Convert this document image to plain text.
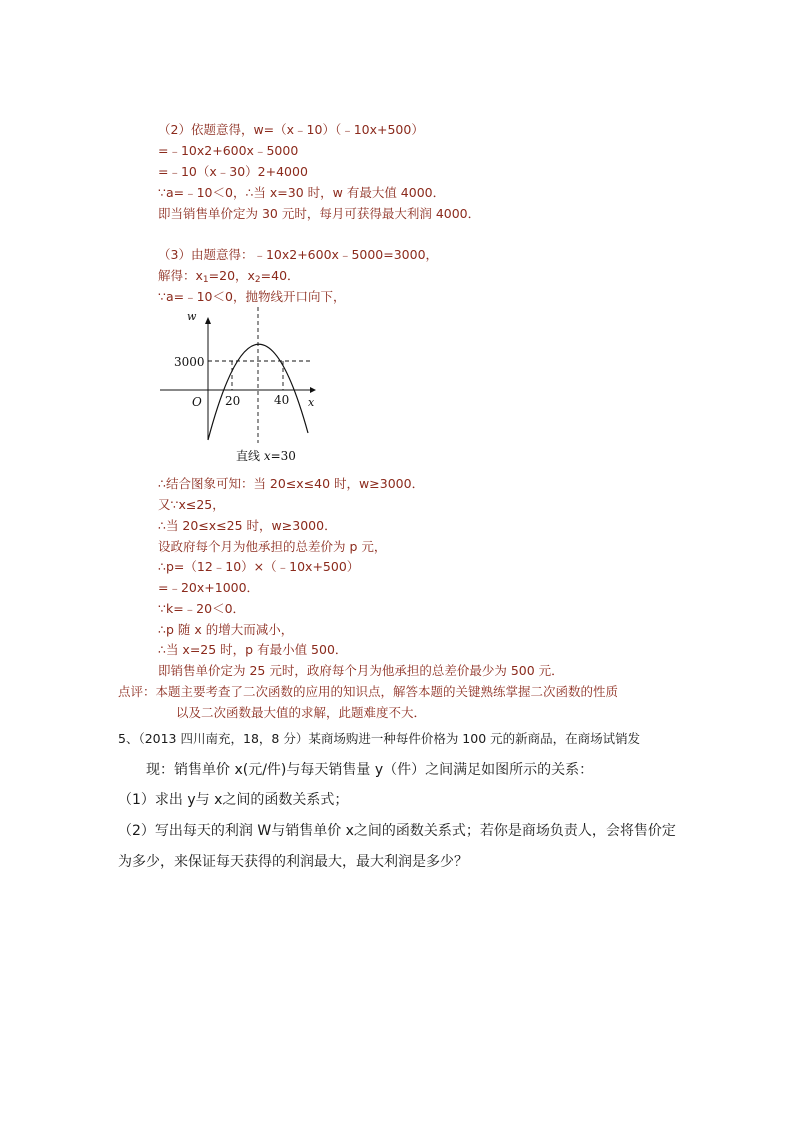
（2）依题意得，w=（x﹣10）（﹣10x+500）
=﹣10x2+600x﹣5000
=﹣10（x﹣30）2+4000
∵a=﹣10＜0，∴当 x=30 时，w 有最大值 4000．
即当销售单价定为 30 元时，每月可获得最大利润 4000．
（3）由题意得：﹣10x2+600x﹣5000=3000，
解得：$x_1=20$，$x_2=40$．
∵a=﹣10＜0，抛物线开口向下，
w
x
O
3000
20	40
直线 x=30
∴结合图象可知：当 20≤x≤40 时，w≥3000．
又∵x≤25，
∴当 20≤x≤25 时，w≥3000．
设政府每个月为他承担的总差价为 p 元，
∴p=（12﹣10）×（﹣10x+500）
=﹣20x+1000．
∵k=﹣20＜0．
∴p 随 x 的增大而减小，
∴当 x=25 时，p 有最小值 500．
即销售单价定为 25 元时，政府每个月为他承担的总差价最少为 500 元．
点评：本题主要考查了二次函数的应用的知识点，解答本题的关键熟练掌握二次函数的性质
以及二次函数最大值的求解，此题难度不大．
5、（2013 四川南充，18，8 分）某商场购进一种每件价格为 100 元的新商品，在商场试销发
现：销售单价 x(元/件)与每天销售量 y（件）之间满足如图所示的关系：
（1）求出 y与 x之间的函数关系式；
（2）写出每天的利润 W与销售单价 x之间的函数关系式；若你是商场负责人，会将售价定
为多少，来保证每天获得的利润最大，最大利润是多少？
